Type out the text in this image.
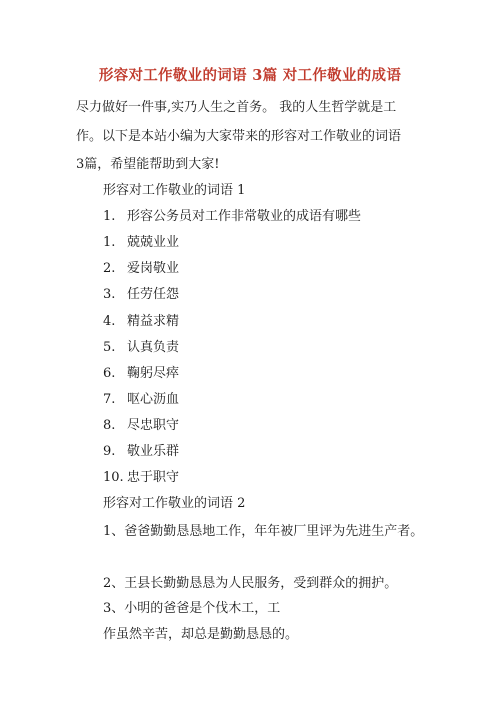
形容对工作敬业的词语 3篇 对工作敬业的成语
尽力做好一件事,实乃人生之首务。 我的人生哲学就是工
作。以下是本站小编为大家带来的形容对工作敬业的词语
3篇，希望能帮助到大家!
形容对工作敬业的词语 1
1. 形容公务员对工作非常敬业的成语有哪些
1. 兢兢业业
2. 爱岗敬业
3. 任劳任怨
4. 精益求精
5. 认真负责
6. 鞠躬尽瘁
7. 呕心沥血
8. 尽忠职守
9. 敬业乐群
10. 忠于职守
形容对工作敬业的词语 2
1、爸爸勤勤恳恳地工作，年年被厂里评为先进生产者。
2、王县长勤勤恳恳为人民服务，受到群众的拥护。
3、小明的爸爸是个伐木工，工
作虽然辛苦，却总是勤勤恳恳的。
